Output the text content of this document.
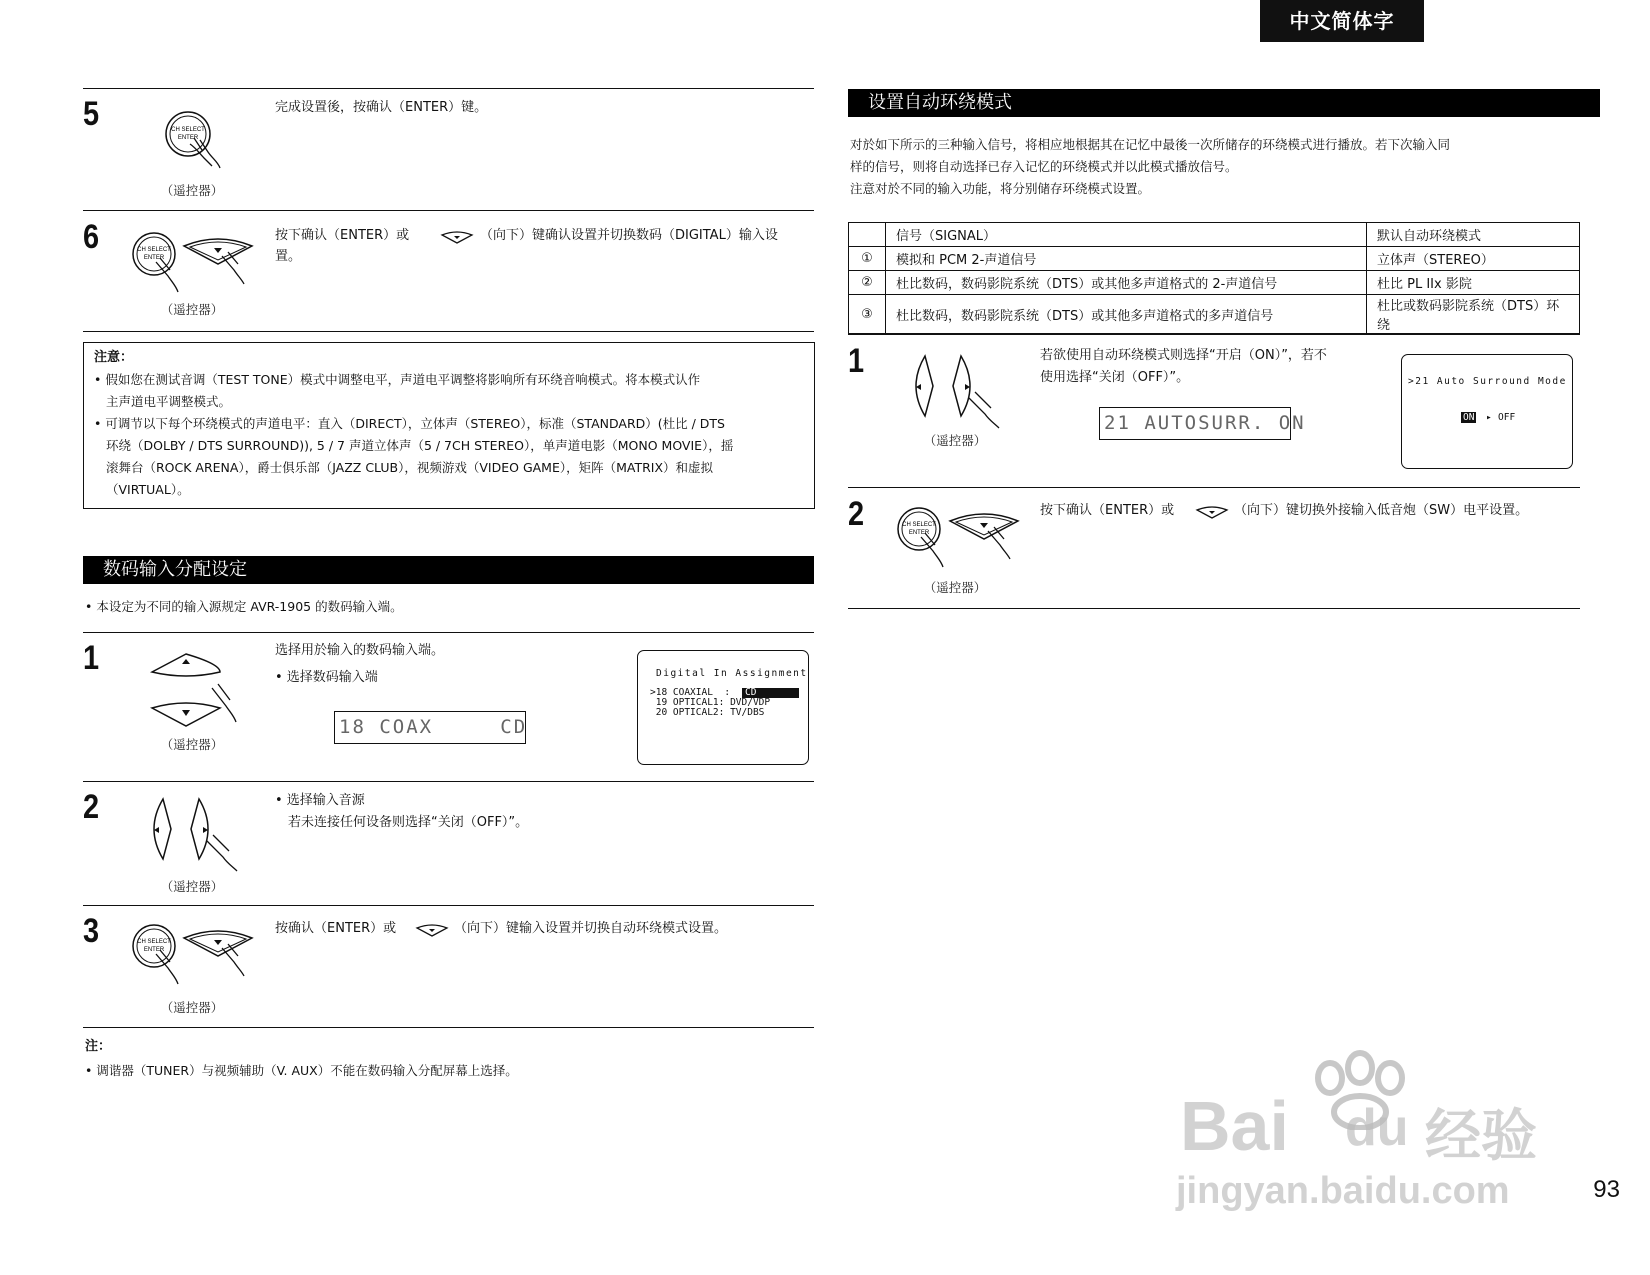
中文简体字
5	CH SELECT
ENTER
（遥控器）
完成设置後，按确认（ENTER）键。
6	CH SELECT
ENTER
（遥控器）
按下确认（ENTER）或	（向下）键确认设置并切换数码（DIGITAL）输入设
置。
注意：
• 假如您在测试音调（TEST TONE）模式中调整电平，声道电平调整将影响所有环绕音响模式。将本模式认作
主声道电平调整模式。
• 可调节以下每个环绕模式的声道电平：直入（DIRECT），立体声（STEREO），标准（STANDARD）(杜比 / DTS
环绕（DOLBY / DTS SURROUND)), 5 / 7 声道立体声（5 / 7CH STEREO），单声道电影（MONO MOVIE），摇
滚舞台（ROCK ARENA），爵士俱乐部（JAZZ CLUB），视频游戏（VIDEO GAME），矩阵（MATRIX）和虚拟
（VIRTUAL）。
数码输入分配设定
• 本设定为不同的输入源规定 AVR-1905 的数码输入端。
1
（遥控器）
选择用於输入的数码输入端。
• 选择数码输入端
18 COAX     CD
Digital In Assignment
>18 COAXIAL  :	CD
19 OPTICAL1: DVD/VDP
20 OPTICAL2: TV/DBS
2
（遥控器）
• 选择输入音源
若未连接任何设备则选择“关闭（OFF）”。
3	CH SELECT
ENTER
（遥控器）
按确认（ENTER）或	（向下）键输入设置并切换自动环绕模式设置。
注：
• 调谐器（TUNER）与视频辅助（V. AUX）不能在数码输入分配屏幕上选择。
设置自动环绕模式
对於如下所示的三种输入信号，将相应地根据其在记忆中最後一次所储存的环绕模式进行播放。若下次输入同
样的信号，则将自动选择已存入记忆的环绕模式并以此模式播放信号。
注意对於不同的输入功能，将分别储存环绕模式设置。
	信号（SIGNAL）	默认自动环绕模式
①	模拟和 PCM 2-声道信号	立体声（STEREO）
②	杜比数码，数码影院系统（DTS）或其他多声道格式的 2-声道信号	杜比 PL IIx 影院
③	杜比数码，数码影院系统（DTS）或其他多声道格式的多声道信号	杜比或数码影院系统（DTS）环绕
1
（遥控器）
若欲使用自动环绕模式则选择“开启（ON）”，若不
使用选择“关闭（OFF）”。
21 AUTOSURR. ON
>21 Auto Surround Mode
ON ▸ OFF
2	CH SELECT
ENTER
（遥控器）
按下确认（ENTER）或	（向下）键切换外接输入低音炮（SW）电平设置。
Bai du 经验
jingyan.baidu.com	93
